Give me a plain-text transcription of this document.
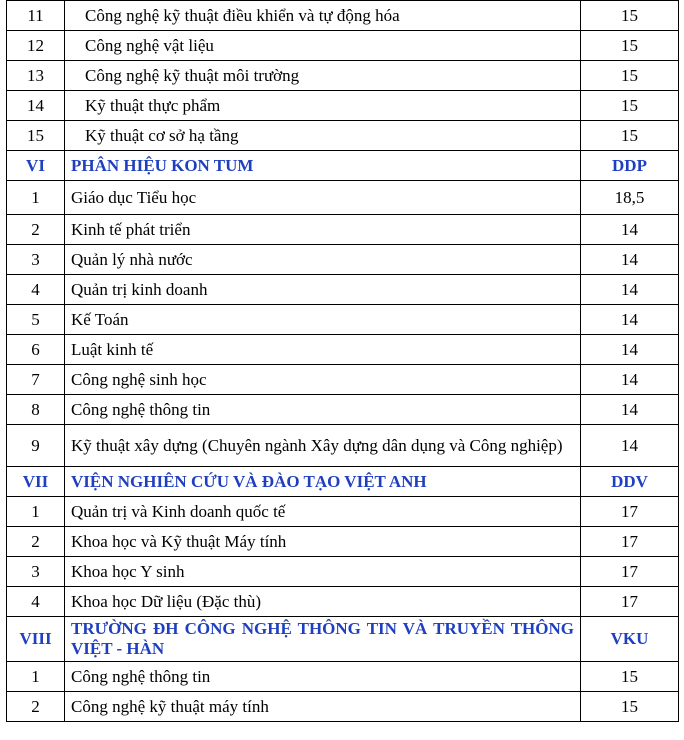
11	Công nghệ kỹ thuật điều khiển và tự động hóa	15
12	Công nghệ vật liệu	15
13	Công nghệ kỹ thuật môi trường	15
14	Kỹ thuật thực phẩm	15
15	Kỹ thuật cơ sở hạ tầng	15
VI	PHÂN HIỆU KON TUM	DDP
1	Giáo dục Tiểu học	18,5
2	Kinh tế phát triển	14
3	Quản lý nhà nước	14
4	Quản trị kinh doanh	14
5	Kế Toán	14
6	Luật kinh tế	14
7	Công nghệ sinh học	14
8	Công nghệ thông tin	14
9	Kỹ thuật xây dựng (Chuyên ngành Xây dựng dân dụng và Công nghiệp)	14
VII	VIỆN NGHIÊN CỨU VÀ ĐÀO TẠO VIỆT ANH	DDV
1	Quản trị và Kinh doanh quốc tế	17
2	Khoa học và Kỹ thuật Máy tính	17
3	Khoa học Y sinh	17
4	Khoa học Dữ liệu (Đặc thù)	17
VIII	TRƯỜNG ĐH CÔNG NGHỆ THÔNG TIN VÀ TRUYỀN THÔNG VIỆT - HÀN	VKU
1	Công nghệ thông tin	15
2	Công nghệ kỹ thuật máy tính	15
